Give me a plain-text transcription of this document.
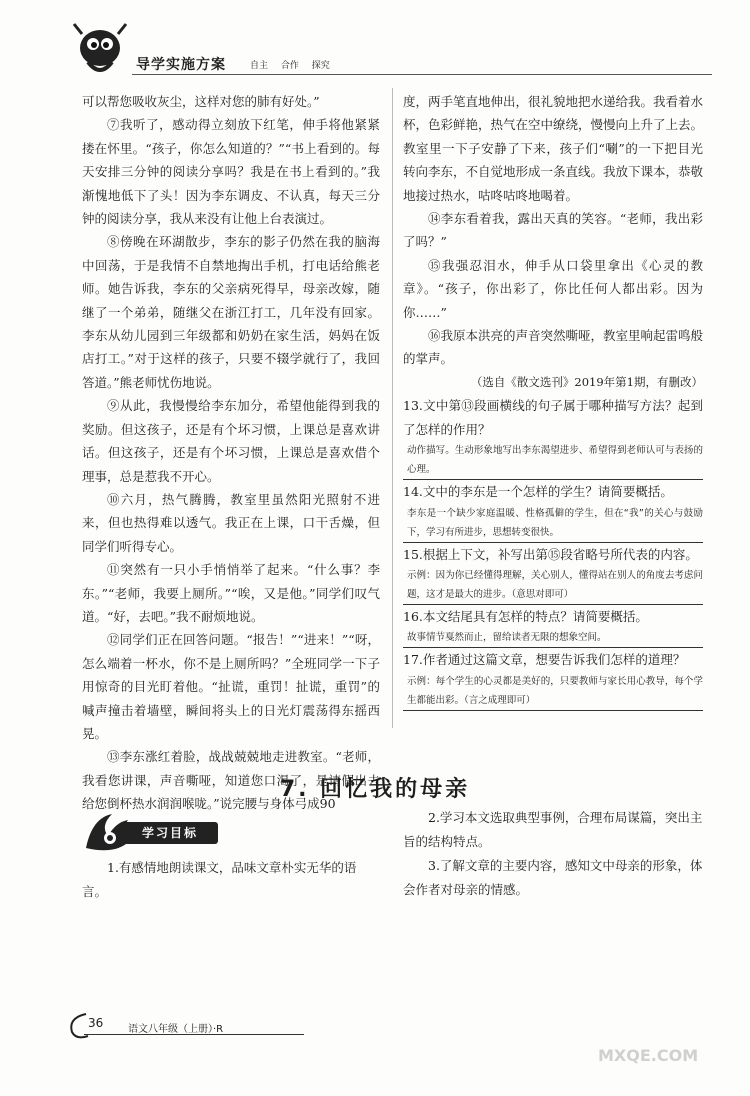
导学实施方案	自主 合作 探究

可以帮您吸收灰尘，这样对您的肺有好处。”

⑦我听了，感动得立刻放下红笔，伸手将他紧紧搂在怀里。“孩子，你怎么知道的？”“书上看到的。每天安排三分钟的阅读分享吗？我是在书上看到的。”我渐愧地低下了头！因为李东调皮、不认真，每天三分钟的阅读分享，我从来没有让他上台表演过。

⑧傍晚在环湖散步，李东的影子仍然在我的脑海中回荡，于是我情不自禁地掏出手机，打电话给熊老师。她告诉我，李东的父亲病死得早，母亲改嫁，随继了一个弟弟，随继父在浙江打工，几年没有回家。李东从幼儿园到三年级都和奶奶在家生活，妈妈在饭店打工。”对于这样的孩子，只要不辍学就行了，我回答道。”熊老师忧伤地说。

⑨从此，我慢慢给李东加分，希望他能得到我的奖励。但这孩子，还是有个坏习惯，上课总是喜欢讲话。但这孩子，还是有个坏习惯，上课总是喜欢借个理事，总是惹我不开心。

⑩六月，热气腾腾，教室里虽然阳光照射不进来，但也热得难以透气。我正在上课，口干舌燥，但同学们听得专心。

⑪突然有一只小手悄悄举了起来。“什么事？李东。”“老师，我要上厕所。”“唉，又是他。”同学们叹气道。“好，去吧。”我不耐烦地说。

⑫同学们正在回答问题。“报告！”“进来！”“呀，怎么端着一杯水，你不是上厕所吗？”全班同学一下子用惊奇的目光盯着他。“扯谎，重罚！扯谎，重罚”的喊声撞击着墙壁，瞬间将头上的日光灯震荡得东摇西晃。

⑬李东涨红着脸，战战兢兢地走进教室。“老师，我看您讲课，声音嘶哑，知道您口渴了，是请假出去给您倒杯热水润润喉咙。”说完腰与身体弓成90

度，两手笔直地伸出，很礼貌地把水递给我。我看着水杯，色彩鲜艳，热气在空中缭绕，慢慢向上升了上去。教室里一下子安静了下来，孩子们“唰”的一下把目光转向李东，不自觉地形成一条直线。我放下课本，恭敬地接过热水，咕咚咕咚地喝着。

⑭李东看着我，露出天真的笑容。“老师，我出彩了吗？”

⑮我强忍泪水，伸手从口袋里拿出《心灵的教章》。“孩子，你出彩了，你比任何人都出彩。因为你……”

⑯我原本洪亮的声音突然嘶哑，教室里响起雷鸣般的掌声。

（选自《散文选刊》2019年第1期，有删改）

13.文中第⑬段画横线的句子属于哪种描写方法？起到了怎样的作用？
动作描写。生动形象地写出李东渴望进步、希望得到老师认可与表扬的心理。
14.文中的李东是一个怎样的学生？请简要概括。
李东是一个缺少家庭温暖、性格孤僻的学生，但在“我”的关心与鼓励下，学习有所进步，思想转变很快。
15.根据上下文，补写出第⑮段省略号所代表的内容。
示例：因为你已经懂得理解，关心别人，懂得站在别人的角度去考虑问题，这才是最大的进步。（意思对即可）
16.本文结尾具有怎样的特点？请简要概括。
故事情节戛然而止，留给读者无限的想象空间。
17.作者通过这篇文章，想要告诉我们怎样的道理？
示例：每个学生的心灵都是美好的，只要教师与家长用心教导，每个学生都能出彩。（言之成理即可）
7. 回忆我的母亲
学习目标

1.有感情地朗读课文，品味文章朴实无华的语言。

2.学习本文选取典型事例，合理布局谋篇，突出主旨的结构特点。

3.了解文章的主要内容，感知文中母亲的形象，体会作者对母亲的情感。

36 语文八年级（上册）·R
MXQE.COM
